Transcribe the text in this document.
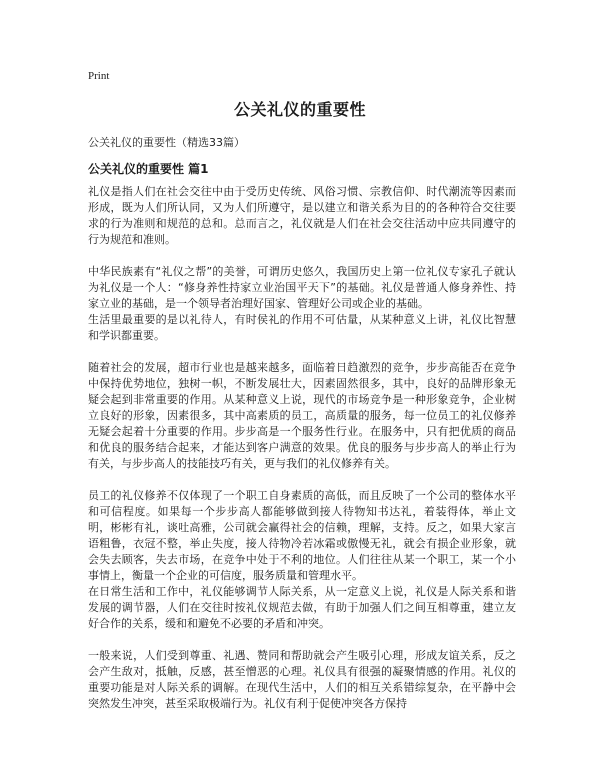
Print
公关礼仪的重要性
公关礼仪的重要性（精选33篇）
公关礼仪的重要性 篇1

礼仪是指人们在社会交往中由于受历史传统、风俗习惯、宗教信仰、时代潮流等因素而形成，既为人们所认同，又为人们所遵守，是以建立和谐关系为目的的各种符合交往要求的行为准则和规范的总和。总而言之，礼仪就是人们在社会交往活动中应共同遵守的行为规范和准则。

中华民族素有“礼仪之帮”的美誉，可谓历史悠久，我国历史上第一位礼仪专家孔子就认为礼仪是一个人：“修身养性持家立业治国平天下”的基础。礼仪是普通人修身养性、持家立业的基础，是一个领导者治理好国家、管理好公司或企业的基础。

生活里最重要的是以礼待人，有时侯礼的作用不可估量，从某种意义上讲，礼仪比智慧和学识都重要。

随着社会的发展，超市行业也是越来越多，面临着日趋激烈的竞争，步步高能否在竞争中保持优势地位，独树一帜，不断发展壮大，因素固然很多，其中，良好的品牌形象无疑会起到非常重要的作用。从某种意义上说，现代的市场竞争是一种形象竞争，企业树立良好的形象，因素很多，其中高素质的员工，高质量的服务，每一位员工的礼仪修养无疑会起着十分重要的作用。步步高是一个服务性行业。在服务中，只有把优质的商品和优良的服务结合起来，才能达到客户满意的效果。优良的服务与步步高人的举止行为有关，与步步高人的技能技巧有关，更与我们的礼仪修养有关。

员工的礼仪修养不仅体现了一个职工自身素质的高低，而且反映了一个公司的整体水平和可信程度。如果每一个步步高人都能够做到接人待物知书达礼，着装得体，举止文明，彬彬有礼，谈吐高雅，公司就会赢得社会的信赖，理解，支持。反之，如果大家言语粗鲁，衣冠不整，举止失度，接人待物冷若冰霜或傲慢无礼，就会有损企业形象，就会失去顾客，失去市场，在竞争中处于不利的地位。人们往往从某一个职工，某一个小事情上，衡量一个企业的可信度，服务质量和管理水平。

在日常生活和工作中，礼仪能够调节人际关系，从一定意义上说，礼仪是人际关系和谐发展的调节器，人们在交往时按礼仪规范去做，有助于加强人们之间互相尊重，建立友好合作的关系，缓和和避免不必要的矛盾和冲突。

一般来说，人们受到尊重、礼遇、赞同和帮助就会产生吸引心理，形成友谊关系，反之会产生敌对，抵触，反感，甚至憎恶的心理。礼仪具有很强的凝聚情感的作用。礼仪的重要功能是对人际关系的调解。在现代生活中，人们的相互关系错综复杂，在平静中会突然发生冲突，甚至采取极端行为。礼仪有利于促使冲突各方保持
